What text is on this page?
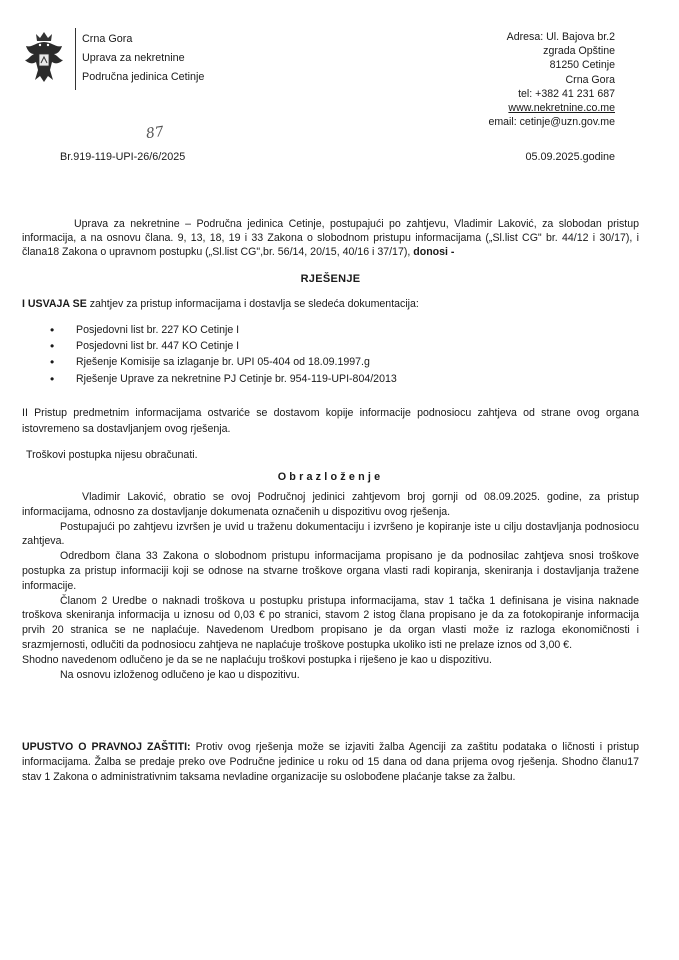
Crna Gora
Uprava za nekretnine
Područna jedinica Cetinje
Adresa: Ul. Bajova br.2
zgrada Opštine
81250 Cetinje
Crna Gora
tel: +382 41 231 687
www.nekretnine.co.me
email: cetinje@uzn.gov.me
87
Br.919-119-UPI-26/6/2025	05.09.2025.godine
Uprava za nekretnine – Područna jedinica Cetinje, postupajući po zahtjevu, Vladimir Laković, za slobodan pristup informacija, a na osnovu člana. 9, 13, 18, 19 i 33 Zakona o slobodnom pristupu informacijama („Sl.list CG" br. 44/12 i 30/17), i člana18 Zakona o upravnom postupku („Sl.list CG",br. 56/14, 20/15, 40/16 i 37/17), donosi -
RJEŠENJE
I USVAJA SE zahtjev za pristup informacijama i dostavlja se sledeća dokumentacija:
• Posjedovni list br. 227 KO Cetinje I
• Posjedovni list br. 447 KO Cetinje I
• Rješenje Komisije sa izlaganje br. UPI 05-404 od 18.09.1997.g
• Rješenje Uprave za nekretnine PJ Cetinje br. 954-119-UPI-804/2013
II Pristup predmetnim informacijama ostvariće se dostavom kopije informacije podnosiocu zahtjeva od strane ovog organa istovremeno sa dostavljanjem ovog rješenja.
Troškovi postupka nijesu obračunati.
Obrazloženje

Vladimir Laković, obratio se ovoj Područnoj jedinici zahtjevom broj gornji od 08.09.2025. godine, za pristup informacijama, odnosno za dostavljanje dokumenata označenih u dispozitivu ovog rješenja.

Postupajući po zahtjevu izvršen je uvid u traženu dokumentaciju i izvršeno je kopiranje iste u cilju dostavljanja podnosiocu zahtjeva.

Odredbom člana 33 Zakona o slobodnom pristupu informacijama propisano je da podnosilac zahtjeva snosi troškove postupka za pristup informaciji koji se odnose na stvarne troškove organa vlasti radi kopiranja, skeniranja i dostavljanja tražene informacije.

Članom 2 Uredbe o naknadi troškova u postupku pristupa informacijama, stav 1 tačka 1 definisana je visina naknade troškova skeniranja informacija u iznosu od 0,03 € po stranici, stavom 2 istog člana propisano je da za fotokopiranje informacija prvih 20 stranica se ne naplaćuje. Navedenom Uredbom propisano je da organ vlasti može iz razloga ekonomičnosti i srazmjernosti, odlučiti da podnosiocu zahtjeva ne naplaćuje troškove postupka ukoliko isti ne prelaze iznos od 3,00 €.

Shodno navedenom odlučeno je da se ne naplaćuju troškovi postupka i riješeno je kao u dispozitivu.

Na osnovu izloženog odlučeno je kao u dispozitivu.

UPUSTVO O PRAVNOJ ZAŠTITI: Protiv ovog rješenja može se izjaviti žalba Agenciji za zaštitu podataka o ličnosti i pristup informacijama. Žalba se predaje preko ove Područne jedinice u roku od 15 dana od dana prijema ovog rješenja. Shodno članu17 stav 1 Zakona o administrativnim taksama nevladine organizacije su oslobođene plaćanje takse za žalbu.
